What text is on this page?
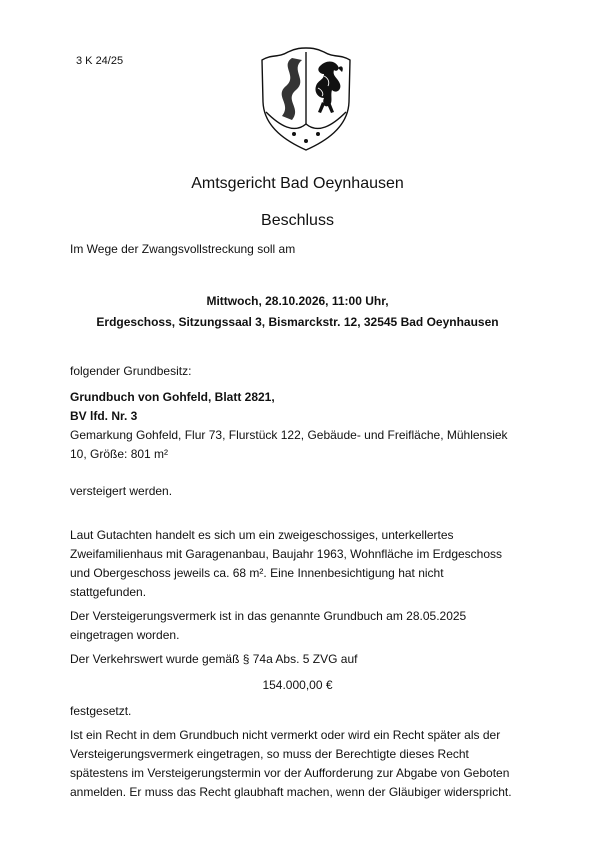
3 K 24/25
Amtsgericht Bad Oeynhausen
Beschluss
Im Wege der Zwangsvollstreckung soll am
Mittwoch, 28.10.2026, 11:00 Uhr,
Erdgeschoss, Sitzungssaal 3, Bismarckstr. 12, 32545 Bad Oeynhausen
folgender Grundbesitz:
Grundbuch von Gohfeld, Blatt 2821,
BV lfd. Nr. 3
Gemarkung Gohfeld, Flur 73, Flurstück 122, Gebäude- und Freifläche, Mühlensiek
10, Größe: 801 m²
versteigert werden.
Laut Gutachten handelt es sich um ein zweigeschossiges, unterkellertes
Zweifamilienhaus mit Garagenanbau, Baujahr 1963, Wohnfläche im Erdgeschoss
und Obergeschoss jeweils ca. 68 m². Eine Innenbesichtigung hat nicht
stattgefunden.
Der Versteigerungsvermerk ist in das genannte Grundbuch am 28.05.2025
eingetragen worden.
Der Verkehrswert wurde gemäß § 74a Abs. 5 ZVG auf
154.000,00 €
festgesetzt.
Ist ein Recht in dem Grundbuch nicht vermerkt oder wird ein Recht später als der
Versteigerungsvermerk eingetragen, so muss der Berechtigte dieses Recht
spätestens im Versteigerungstermin vor der Aufforderung zur Abgabe von Geboten
anmelden. Er muss das Recht glaubhaft machen, wenn der Gläubiger widerspricht.
